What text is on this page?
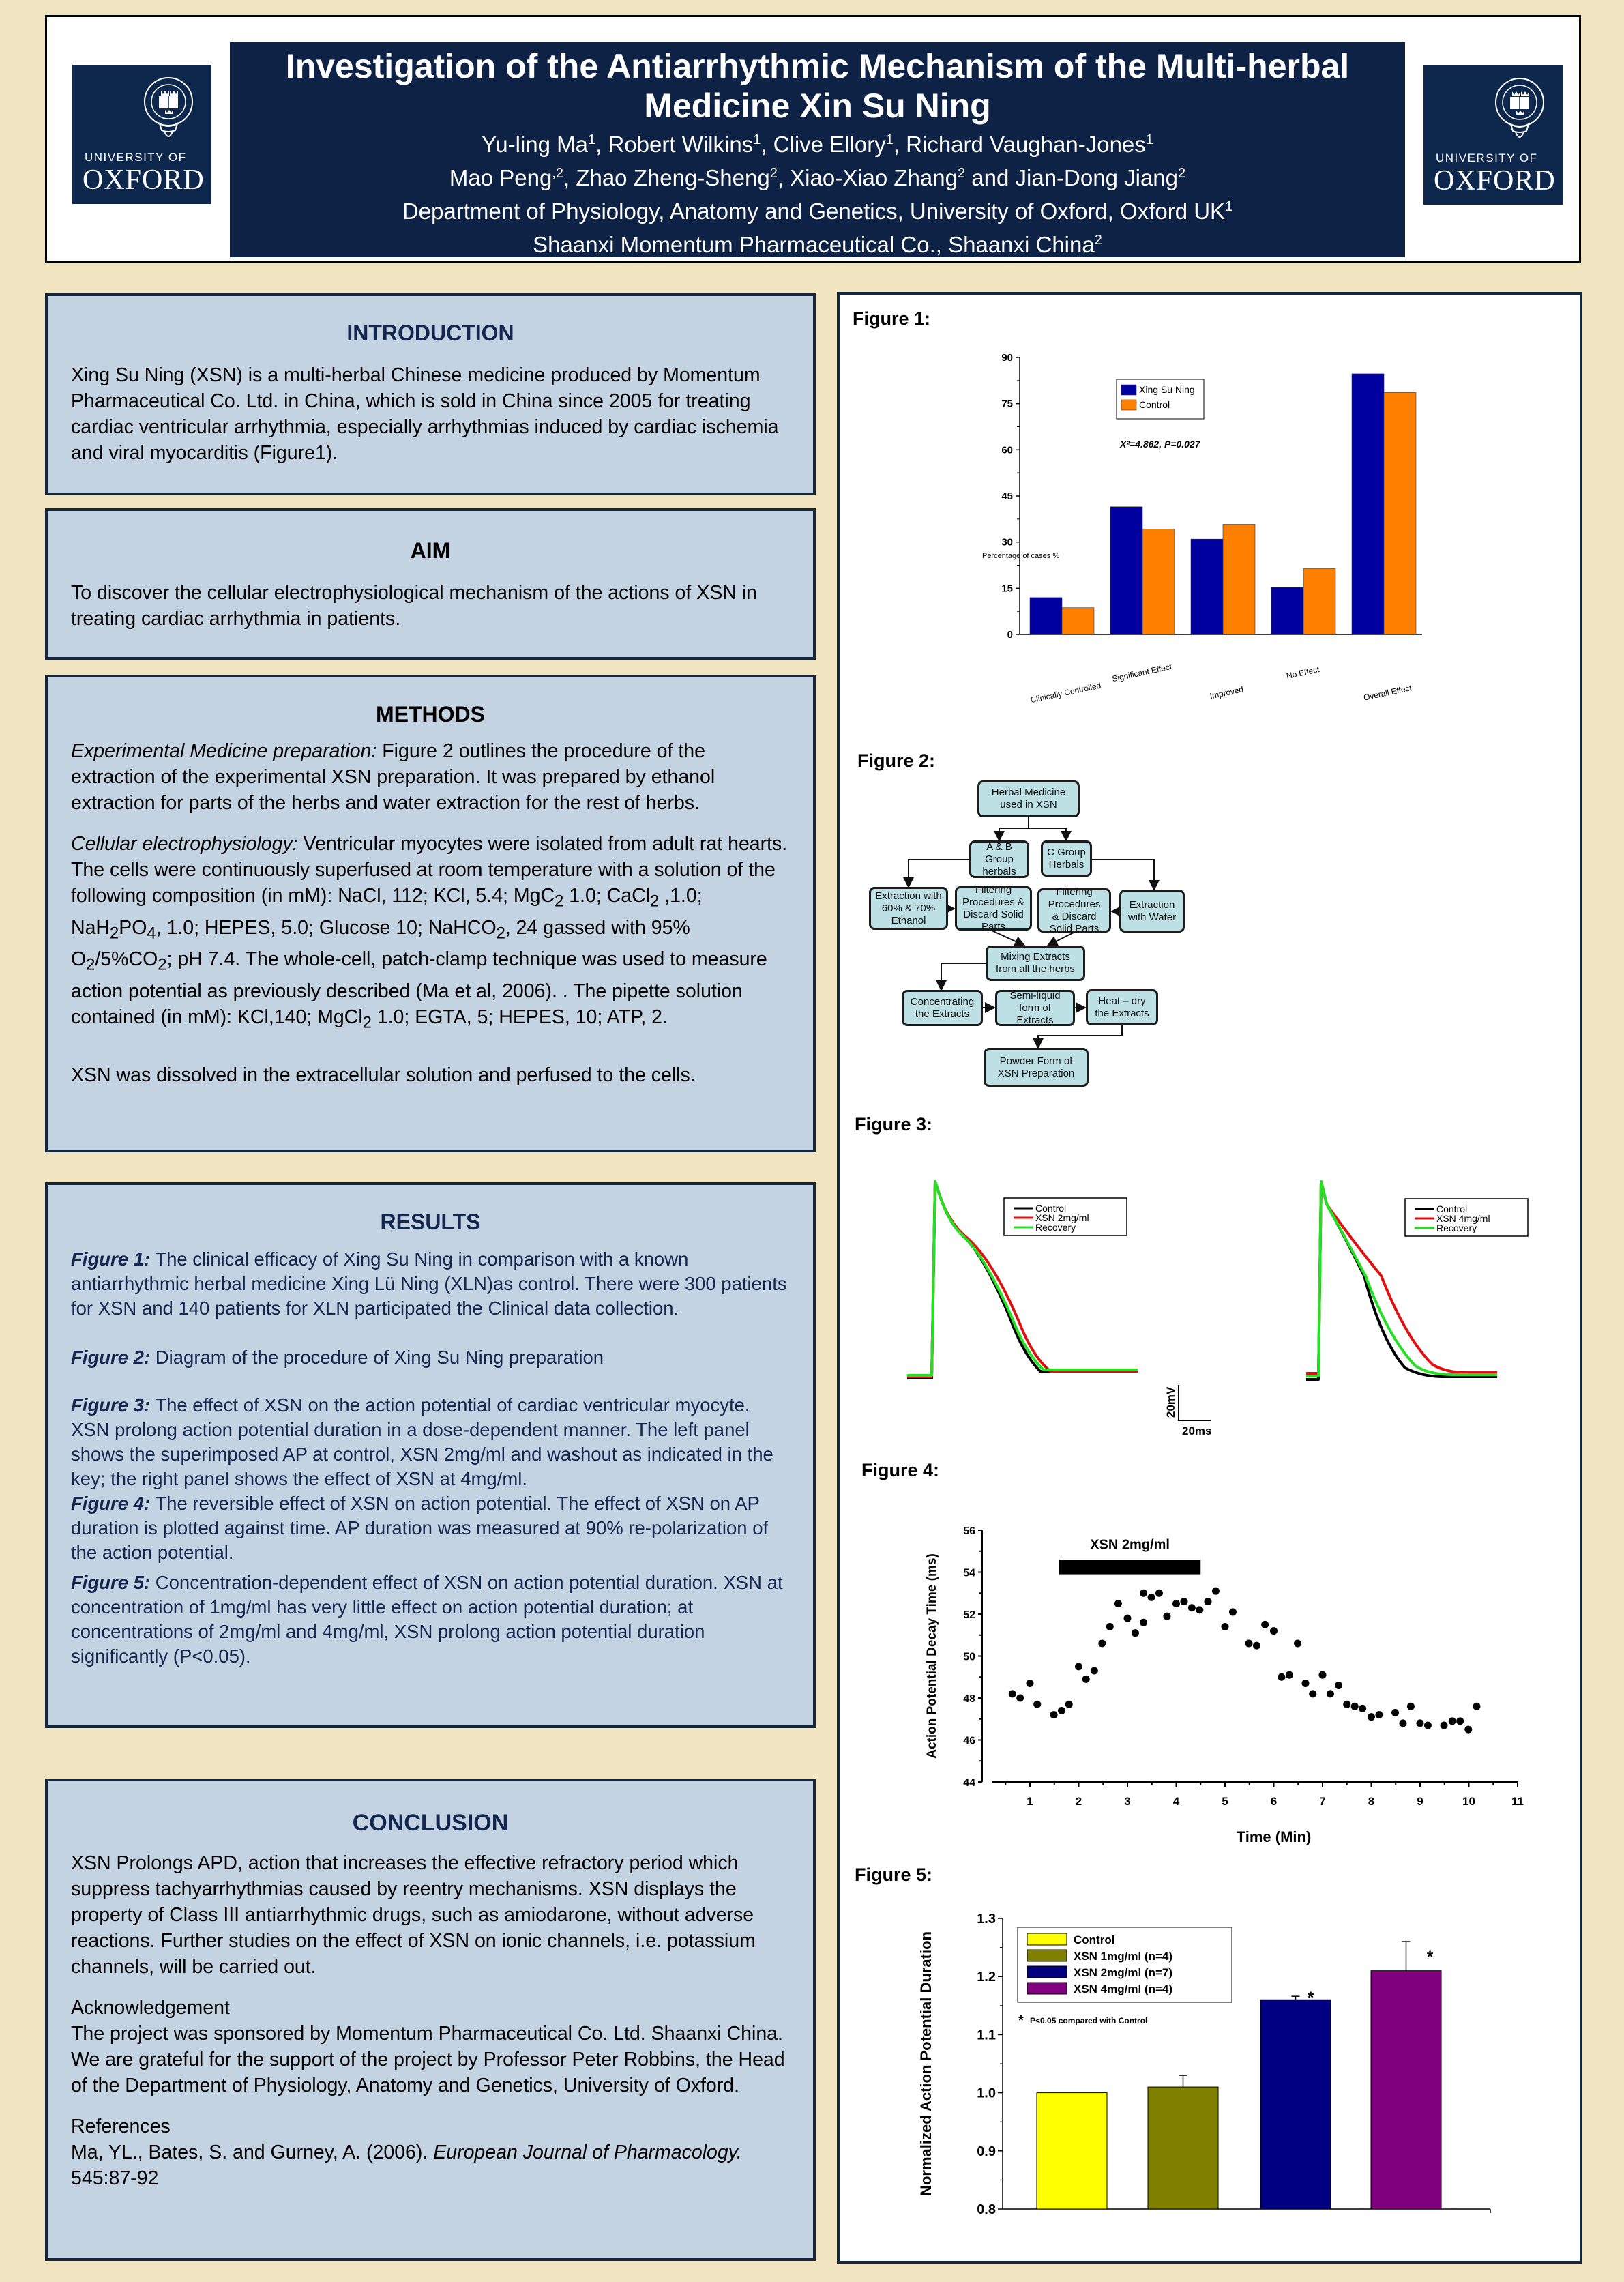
UNIVERSITY OF
OXFORD
UNIVERSITY OF
OXFORD
Investigation of the Antiarrhythmic Mechanism of the Multi-herbal
Medicine Xin Su Ning
Yu-ling Ma$^1$, Robert Wilkins$^1$, Clive Ellory$^1$, Richard Vaughan-Jones$^1$
Mao Peng$^{,2}$, Zhao Zheng-Sheng$^2$, Xiao-Xiao Zhang$^2$ and Jian-Dong Jiang$^2$
Department of Physiology, Anatomy and Genetics, University of Oxford, Oxford $UK^1$
Shaanxi Momentum Pharmaceutical Co., Shaanxi China$^2$
INTRODUCTION

Xing Su Ning (XSN) is a multi-herbal Chinese medicine produced by Momentum Pharmaceutical Co. Ltd. in China, which is sold in China since 2005 for treating cardiac ventricular arrhythmia, especially arrhythmias induced by cardiac ischemia and viral myocarditis (Figure1).

AIM

To discover the cellular electrophysiological mechanism of the actions of XSN in treating cardiac arrhythmia in patients.

METHODS

Experimental Medicine preparation: Figure 2 outlines the procedure of the extraction of the experimental XSN preparation. It was prepared by ethanol extraction for parts of the herbs and water extraction for the rest of herbs.

Cellular electrophysiology: Ventricular myocytes were isolated from adult rat hearts. The cells were continuously superfused at room temperature with a solution of the following composition (in mM): NaCl, 112; KCl, 5.4; MgC$_2$ 1.0; CaCl$_2$ ,1.0; $NaH_2PO_4$, 1.0; HEPES, 5.0; Glucose 10; NaHCO$_2$, 24 gassed with 95% $O_2/5\%CO_2$; pH 7.4. The whole-cell, patch-clamp technique was used to measure action potential as previously described (Ma et al, 2006). . The pipette solution contained (in mM): KCl,140; MgCl$_2$ 1.0; EGTA, 5; HEPES, 10; ATP, 2.

XSN was dissolved in the extracellular solution and perfused to the cells.

RESULTS

Figure 1: The clinical efficacy of Xing Su Ning in comparison with a known antiarrhythmic herbal medicine Xing Lü Ning (XLN)as control. There were 300 patients for XSN and 140 patients for XLN participated the Clinical data collection.

Figure 2: Diagram of the procedure of Xing Su Ning preparation

Figure 3: The effect of XSN on the action potential of cardiac ventricular myocyte. XSN prolong action potential duration in a dose-dependent manner. The left panel shows the superimposed AP at control, XSN 2mg/ml and washout as indicated in the key; the right panel shows the effect of XSN at 4mg/ml.

Figure 4: The reversible effect of XSN on action potential. The effect of XSN on AP duration is plotted against time. AP duration was measured at 90% re-polarization of the action potential.

Figure 5: Concentration-dependent effect of XSN on action potential duration. XSN at concentration of 1mg/ml has very little effect on action potential duration; at concentrations of 2mg/ml and 4mg/ml, XSN prolong action potential duration significantly (P<0.05).

CONCLUSION

XSN Prolongs APD, action that increases the effective refractory period which suppress tachyarrhythmias caused by reentry mechanisms. XSN displays the property of Class III antiarrhythmic drugs, such as amiodarone, without adverse reactions. Further studies on the effect of XSN on ionic channels, i.e. potassium channels, will be carried out.

Acknowledgement

The project was sponsored by Momentum Pharmaceutical Co. Ltd. Shaanxi China. We are grateful for the support of the project by Professor Peter Robbins, the Head of the Department of Physiology, Anatomy and Genetics, University of Oxford.

References

Ma, YL., Bates, S. and Gurney, A. (2006). European Journal of Pharmacology. 545:87-92

Figure 1:
0
15
30
45
60
75
90
Clinically Controlled
Significant Effect
Improved
No Effect
Overall Effect
Xing Su Ning
Control
X²=4.862, P=0.027
Percentage of cases %
Figure 2:
Herbal Medicine used in XSN
A & B Group herbals
C Group Herbals
Extraction with 60% & 70% Ethanol
Filtering Procedures & Discard Solid Parts
Filtering Procedures & Discard Solid Parts
Extraction with Water
Mixing Extracts from all the herbs
Concentrating the Extracts
Semi-liquid form of Extracts
Heat – dry the Extracts
Powder Form of XSN Preparation
Figure 3:
Control
XSN 2mg/ml
Recovery
Control
XSN 4mg/ml
Recovery
20mV
20ms
Figure 4:
44
46
48
50
52
54
56
1	2	3	4	5	6	7	8	9	10	11
XSN 2mg/ml
Time (Min)
Action Potential Decay Time (ms)
Figure 5:
0.8
0.9
1.0
1.1
1.2
1.3
*
*
Control
XSN 1mg/ml (n=4)
XSN 2mg/ml (n=7)
XSN 4mg/ml (n=4)
* P<0.05 compared with Control
Normalized Action Potential Duration
